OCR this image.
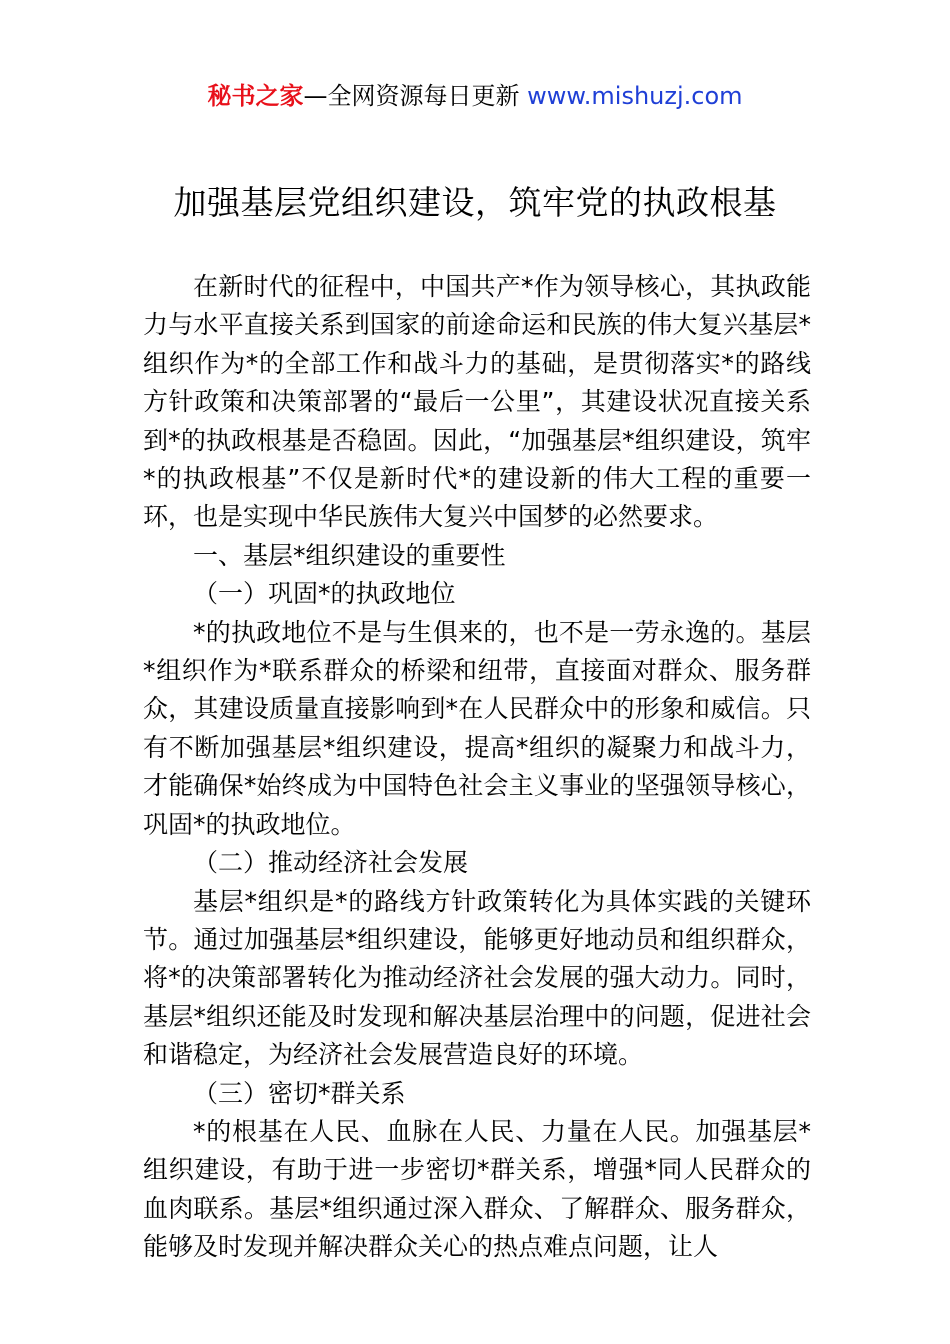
秘书之家—全网资源每日更新 www.mishuzj.com
加强基层党组织建设，筑牢党的执政根基

在新时代的征程中，中国共产*作为领导核心，其执政能力与水平直接关系到国家的前途命运和民族的伟大复兴基层*组织作为*的全部工作和战斗力的基础，是贯彻落实*的路线方针政策和决策部署的“最后一公里”，其建设状况直接关系到*的执政根基是否稳固。因此，“加强基层*组织建设，筑牢*的执政根基”不仅是新时代*的建设新的伟大工程的重要一环，也是实现中华民族伟大复兴中国梦的必然要求。

一、基层*组织建设的重要性

（一）巩固*的执政地位

*的执政地位不是与生俱来的，也不是一劳永逸的。基层*组织作为*联系群众的桥梁和纽带，直接面对群众、服务群众，其建设质量直接影响到*在人民群众中的形象和威信。只有不断加强基层*组织建设，提高*组织的凝聚力和战斗力，才能确保*始终成为中国特色社会主义事业的坚强领导核心，巩固*的执政地位。

（二）推动经济社会发展

基层*组织是*的路线方针政策转化为具体实践的关键环节。通过加强基层*组织建设，能够更好地动员和组织群众，将*的决策部署转化为推动经济社会发展的强大动力。同时，基层*组织还能及时发现和解决基层治理中的问题，促进社会和谐稳定，为经济社会发展营造良好的环境。

（三）密切*群关系

*的根基在人民、血脉在人民、力量在人民。加强基层*组织建设，有助于进一步密切*群关系，增强*同人民群众的血肉联系。基层*组织通过深入群众、了解群众、服务群众，能够及时发现并解决群众关心的热点难点问题，让人
